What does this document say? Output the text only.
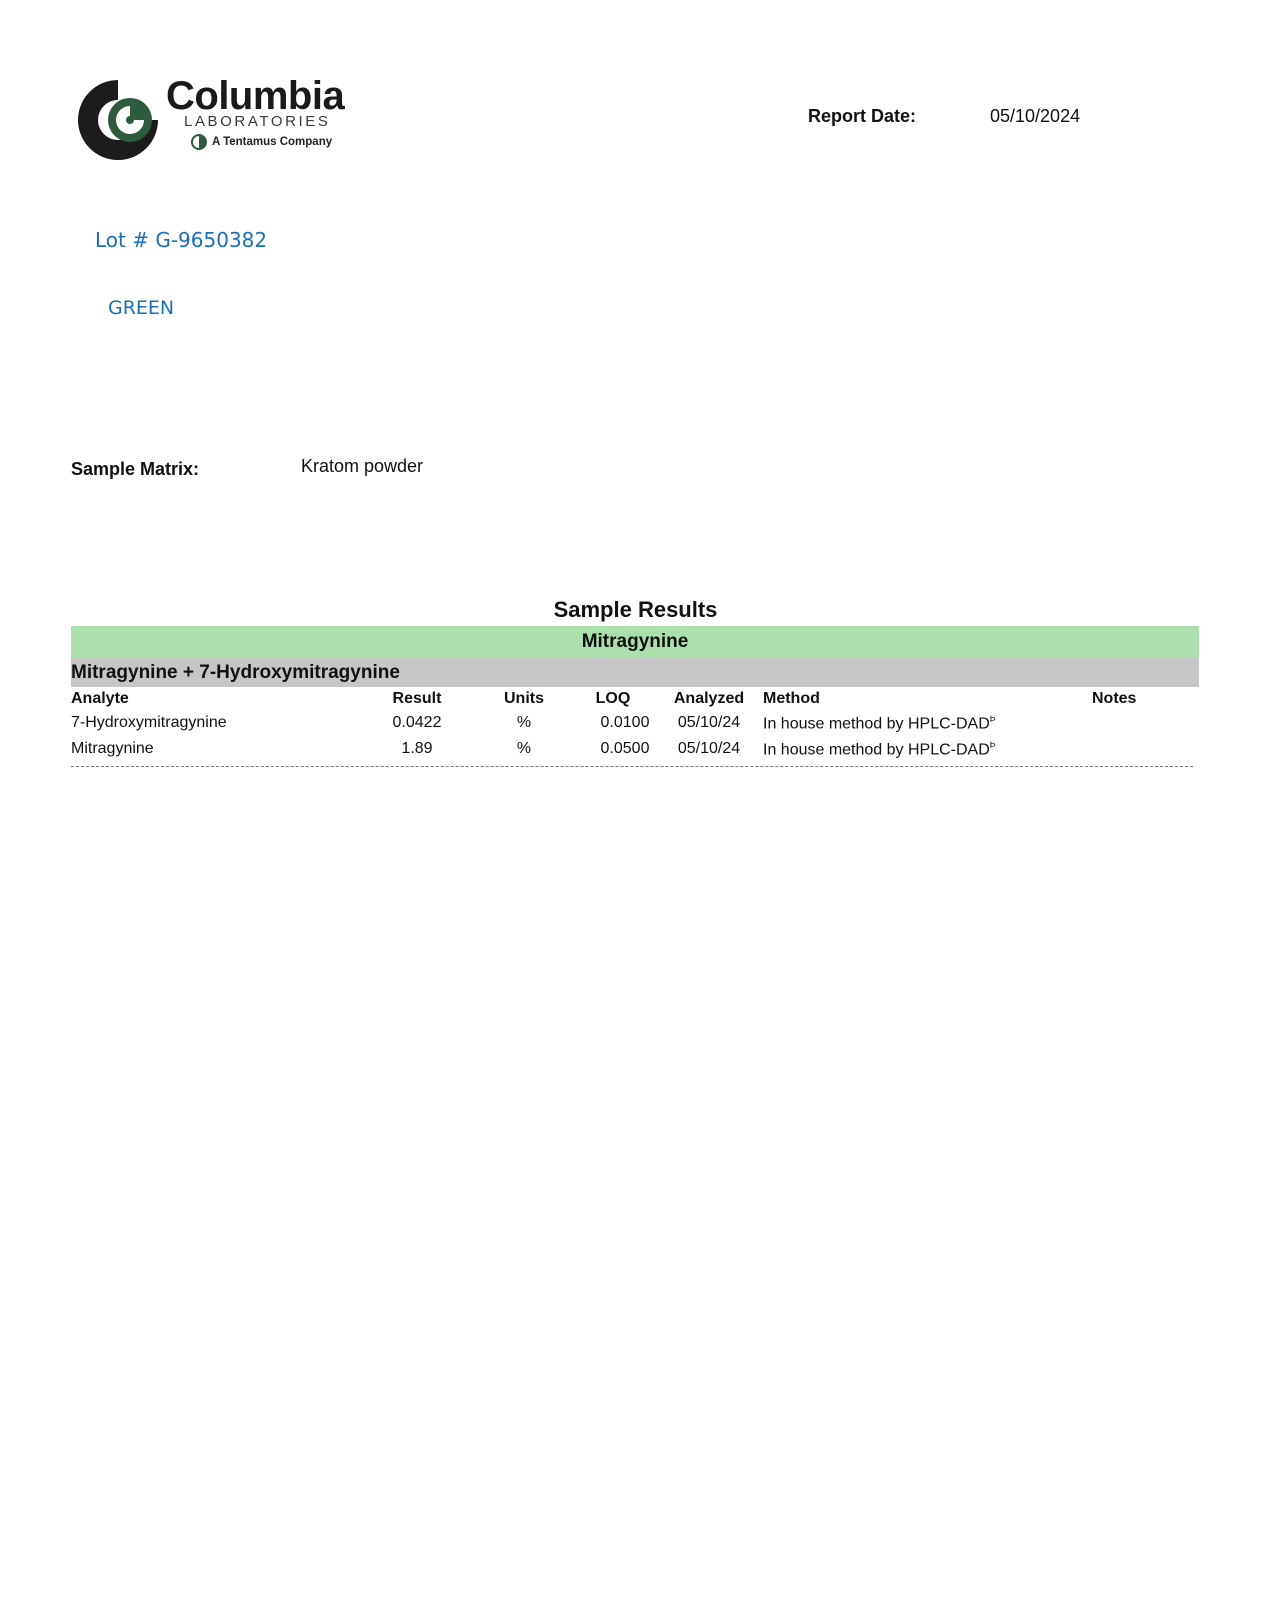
Columbia
LABORATORIES
A Tentamus Company
Report Date:	05/10/2024
Lot # G-9650382
GREEN
Sample Matrix:	Kratom powder
Sample Results
Mitragynine
Mitragynine + 7-Hydroxymitragynine
Analyte	Result	Units	LOQ	Analyzed	Method	Notes
7-Hydroxymitragynine	0.0422	%	0.0100	05/10/24	In house method by HPLC-$DAD^Þ$
Mitragynine	1.89	%	0.0500	05/10/24	In house method by HPLC-$DAD^Þ$
